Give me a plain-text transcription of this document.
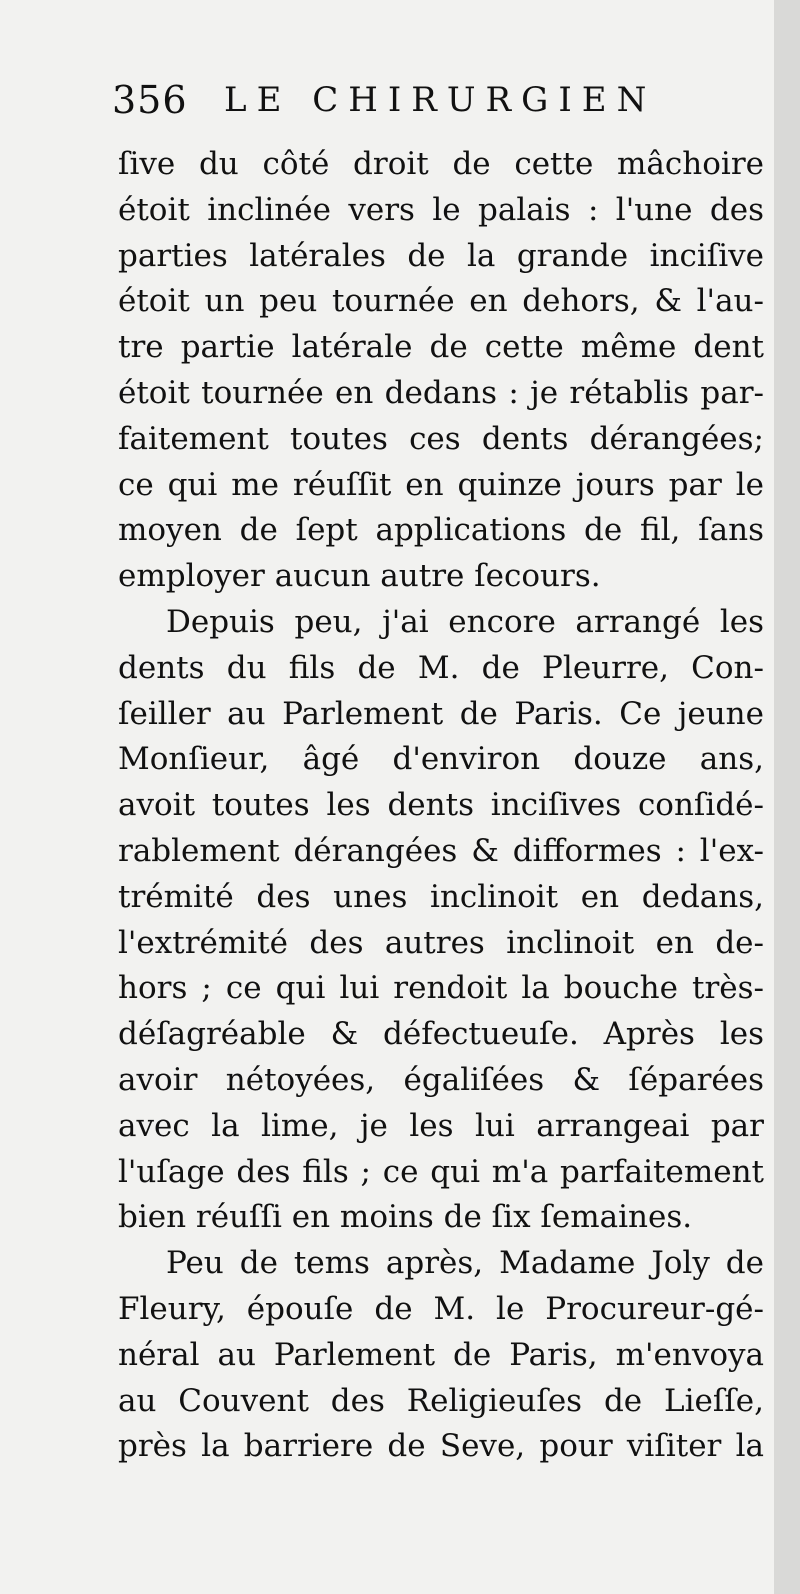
356 LE CHIRURGIEN
ſive du côté droit de cette mâchoire
étoit inclinée vers le palais : l'une des
parties latérales de la grande inciſive
étoit un peu tournée en dehors, & l'au-
tre partie latérale de cette même dent
étoit tournée en dedans : je rétablis par-
faitement toutes ces dents dérangées;
ce qui me réuſſit en quinze jours par le
moyen de ſept applications de fil, ſans
employer aucun autre ſecours.
Depuis peu, j'ai encore arrangé les
dents du fils de M. de Pleurre, Con-
ſeiller au Parlement de Paris. Ce jeune
Monſieur, âgé d'environ douze ans,
avoit toutes les dents inciſives conſidé-
rablement dérangées & difformes : l'ex-
trémité des unes inclinoit en dedans,
l'extrémité des autres inclinoit en de-
hors ; ce qui lui rendoit la bouche très-
déſagréable & défectueuſe. Après les
avoir nétoyées, égaliſées & ſéparées
avec la lime, je les lui arrangeai par
l'uſage des fils ; ce qui m'a parfaitement
bien réuſſi en moins de ſix ſemaines.
Peu de tems après, Madame Joly de
Fleury, épouſe de M. le Procureur-gé-
néral au Parlement de Paris, m'envoya
au Couvent des Religieuſes de Lieſſe,
près la barriere de Seve, pour viſiter la
